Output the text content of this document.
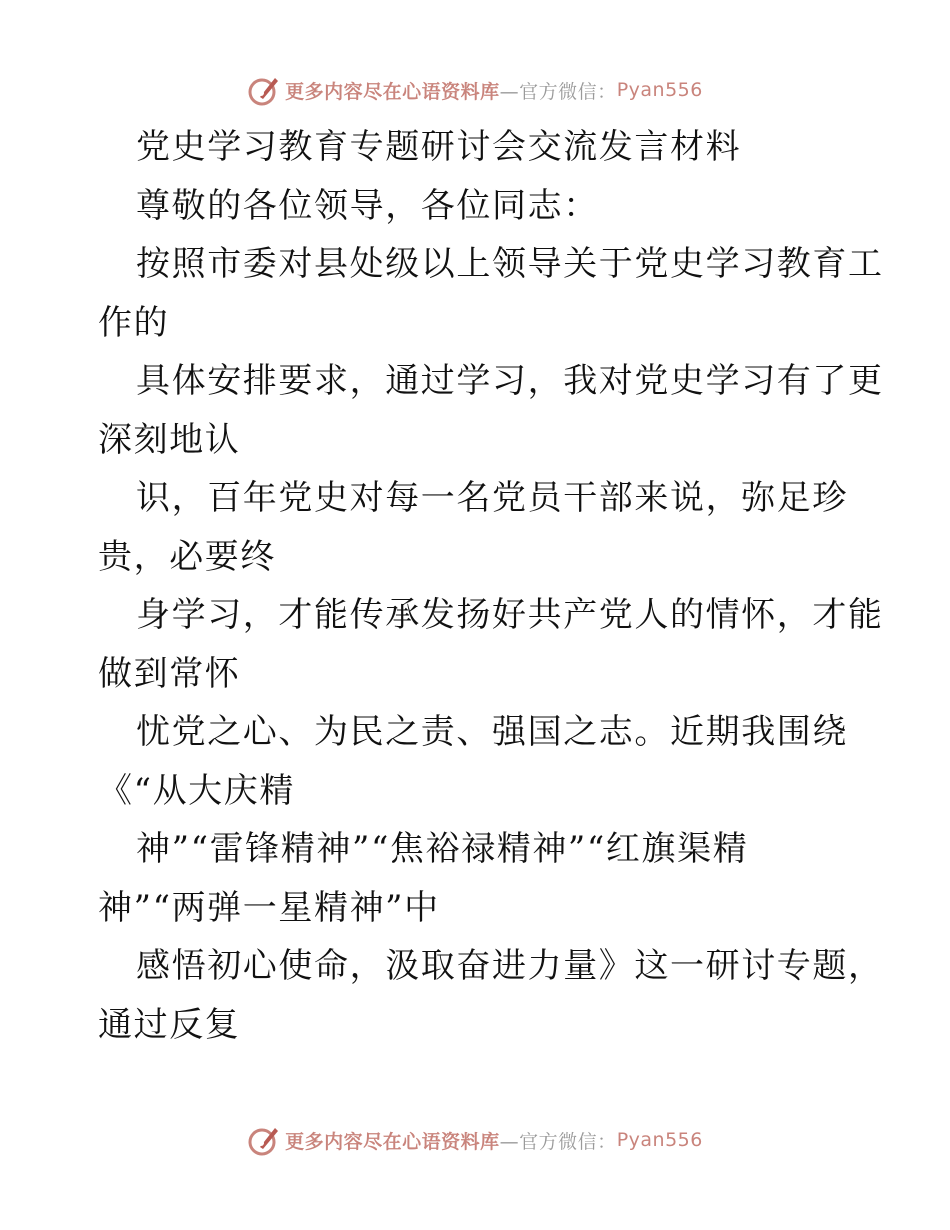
更多内容尽在心语资料库 —官方微信： Pyan556
党史学习教育专题研讨会交流发言材料
尊敬的各位领导，各位同志：
按照市委对县处级以上领导关于党史学习教育工
作的
具体安排要求，通过学习，我对党史学习有了更
深刻地认
识，百年党史对每一名党员干部来说，弥足珍
贵，必要终
身学习，才能传承发扬好共产党人的情怀，才能
做到常怀
忧党之心、为民之责、强国之志。近期我围绕
《“从大庆精
神”“雷锋精神”“焦裕禄精神”“红旗渠精
神”“两弹一星精神”中
感悟初心使命，汲取奋进力量》这一研讨专题，
通过反复
更多内容尽在心语资料库 —官方微信： Pyan556
